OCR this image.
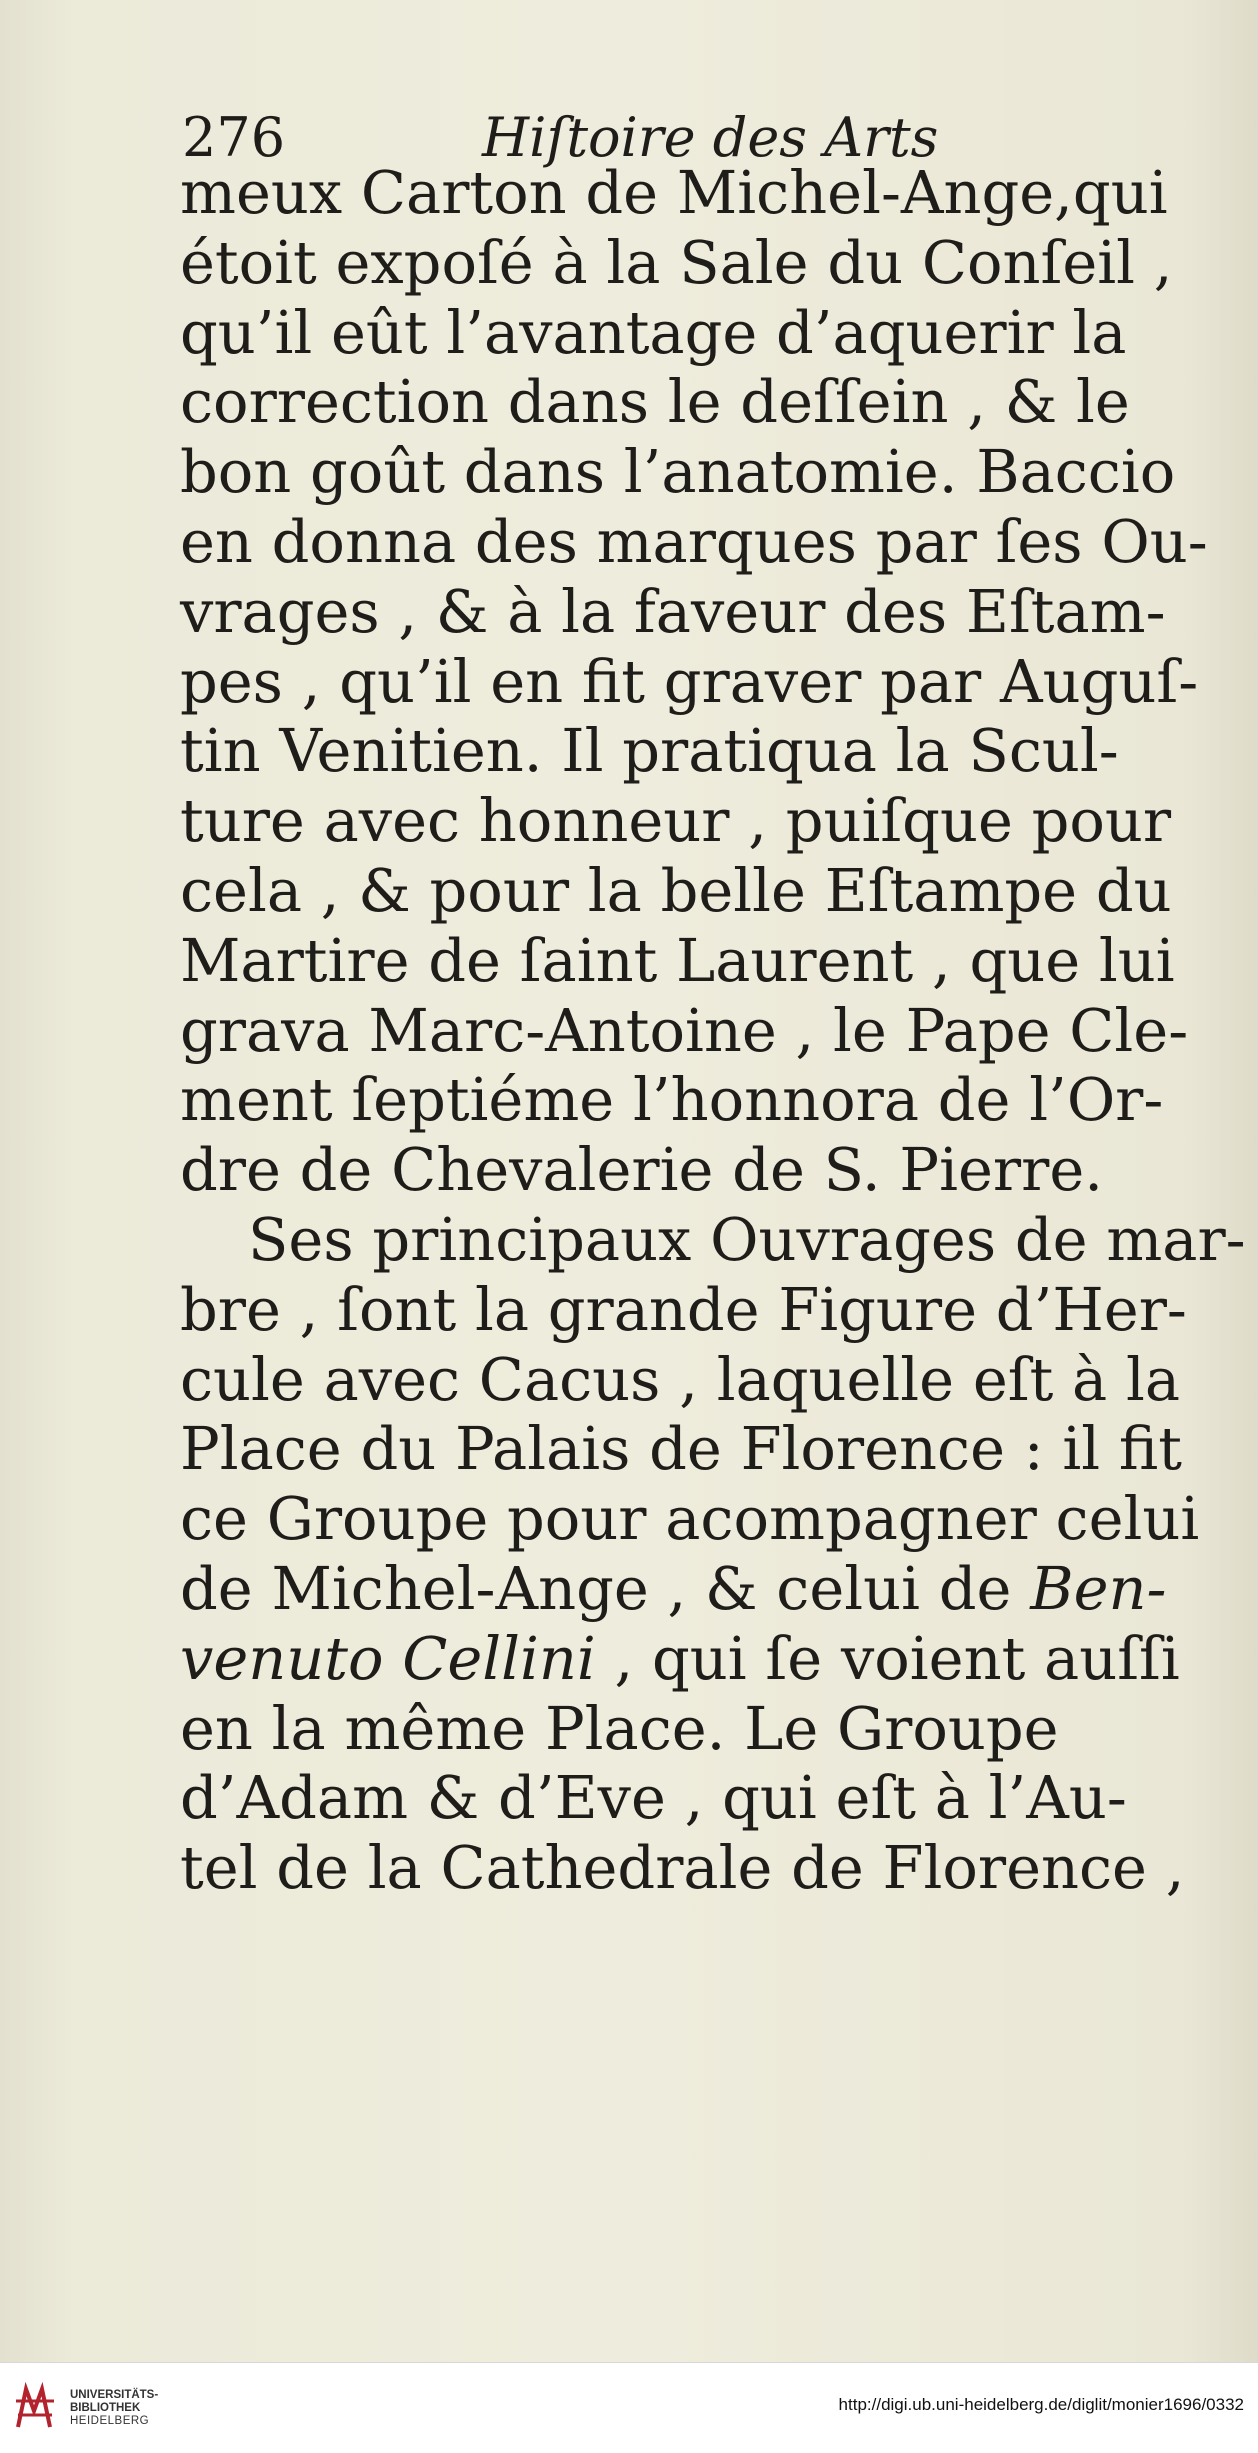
276	Hiſtoire des Arts
meux Carton de Michel-Ange,qui
étoit expoſé à la Sale du Conſeil ,
qu’il eût l’avantage d’aquerir la
correction dans le deſſein , & le
bon goût dans l’anatomie. Baccio
en donna des marques par ſes Ou-
vrages , & à la faveur des Eſtam-
pes , qu’il en fit graver par Auguſ-
tin Venitien. Il pratiqua la Scul-
ture avec honneur , puiſque pour
cela , & pour la belle Eſtampe du
Martire de ſaint Laurent , que lui
grava Marc-Antoine , le Pape Cle-
ment ſeptiéme l’honnora de l’Or-
dre de Chevalerie de S. Pierre.
Ses principaux Ouvrages de mar-
bre , ſont la grande Figure d’Her-
cule avec Cacus , laquelle eſt à la
Place du Palais de Florence : il fit
ce Groupe pour acompagner celui
de Michel-Ange , & celui de Ben-
venuto Cellini , qui ſe voient auſſi
en la même Place. Le Groupe
d’Adam & d’Eve , qui eſt à l’Au-
tel de la Cathedrale de Florence ,
UNIVERSITÄTS-
BIBLIOTHEK
HEIDELBERG
http://digi.ub.uni-heidelberg.de/diglit/monier1696/0332
